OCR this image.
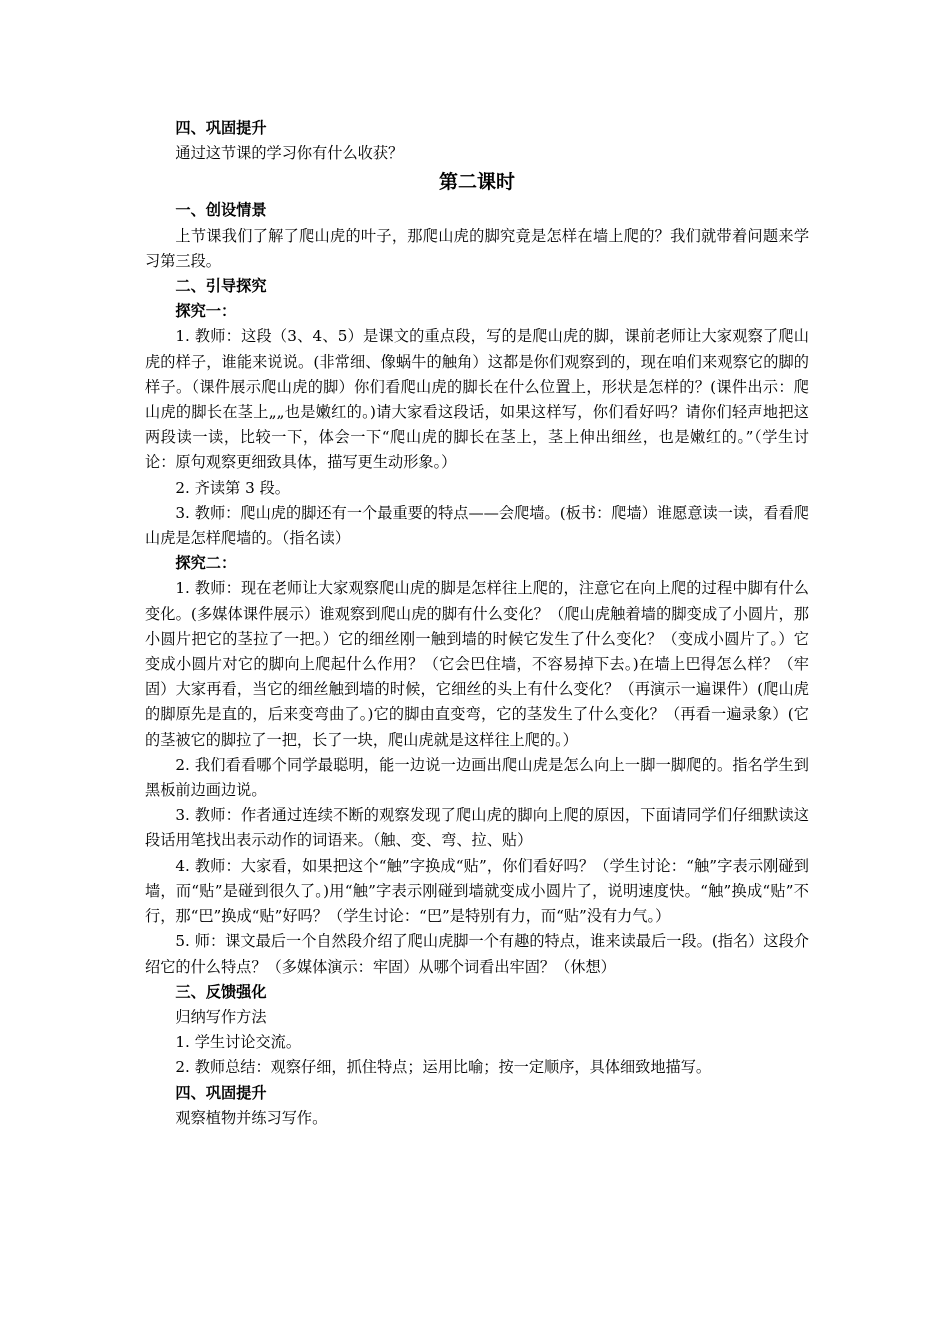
四、巩固提升

通过这节课的学习你有什么收获？

第二课时

一、创设情景

上节课我们了解了爬山虎的叶子，那爬山虎的脚究竟是怎样在墙上爬的？我们就带着问题来学习第三段。

二、引导探究

探究一：

1. 教师：这段（3、4、5）是课文的重点段，写的是爬山虎的脚，课前老师让大家观察了爬山虎的样子，谁能来说说。(非常细、像蜗牛的触角）这都是你们观察到的，现在咱们来观察它的脚的样子。（课件展示爬山虎的脚）你们看爬山虎的脚长在什么位置上，形状是怎样的？(课件出示：爬山虎的脚长在茎上„„也是嫩红的。)请大家看这段话，如果这样写，你们看好吗？请你们轻声地把这两段读一读，比较一下，体会一下“爬山虎的脚长在茎上，茎上伸出细丝，也是嫩红的。”（学生讨论：原句观察更细致具体，描写更生动形象。）

2. 齐读第 3 段。

3. 教师：爬山虎的脚还有一个最重要的特点——会爬墙。(板书：爬墙）谁愿意读一读，看看爬山虎是怎样爬墙的。（指名读）

探究二：

1. 教师：现在老师让大家观察爬山虎的脚是怎样往上爬的，注意它在向上爬的过程中脚有什么变化。(多媒体课件展示）谁观察到爬山虎的脚有什么变化？（爬山虎触着墙的脚变成了小圆片，那小圆片把它的茎拉了一把。）它的细丝刚一触到墙的时候它发生了什么变化？（变成小圆片了。）它变成小圆片对它的脚向上爬起什么作用？（它会巴住墙，不容易掉下去。)在墙上巴得怎么样？（牢固）大家再看，当它的细丝触到墙的时候，它细丝的头上有什么变化？（再演示一遍课件）(爬山虎的脚原先是直的，后来变弯曲了。)它的脚由直变弯，它的茎发生了什么变化？（再看一遍录象）(它的茎被它的脚拉了一把，长了一块，爬山虎就是这样往上爬的。）

2. 我们看看哪个同学最聪明，能一边说一边画出爬山虎是怎么向上一脚一脚爬的。指名学生到黑板前边画边说。

3. 教师：作者通过连续不断的观察发现了爬山虎的脚向上爬的原因，下面请同学们仔细默读这段话用笔找出表示动作的词语来。（触、变、弯、拉、贴）

4. 教师：大家看，如果把这个“触”字换成“贴”，你们看好吗？（学生讨论：“触”字表示刚碰到墙，而“贴”是碰到很久了。)用“触”字表示刚碰到墙就变成小圆片了，说明速度快。“触”换成“贴”不行，那“巴”换成“贴”好吗？（学生讨论：“巴”是特别有力，而“贴”没有力气。）

5. 师：课文最后一个自然段介绍了爬山虎脚一个有趣的特点，谁来读最后一段。(指名）这段介绍它的什么特点？（多媒体演示：牢固）从哪个词看出牢固？（休想）

三、反馈强化

归纳写作方法

1. 学生讨论交流。

2. 教师总结：观察仔细，抓住特点；运用比喻；按一定顺序，具体细致地描写。

四、巩固提升

观察植物并练习写作。
